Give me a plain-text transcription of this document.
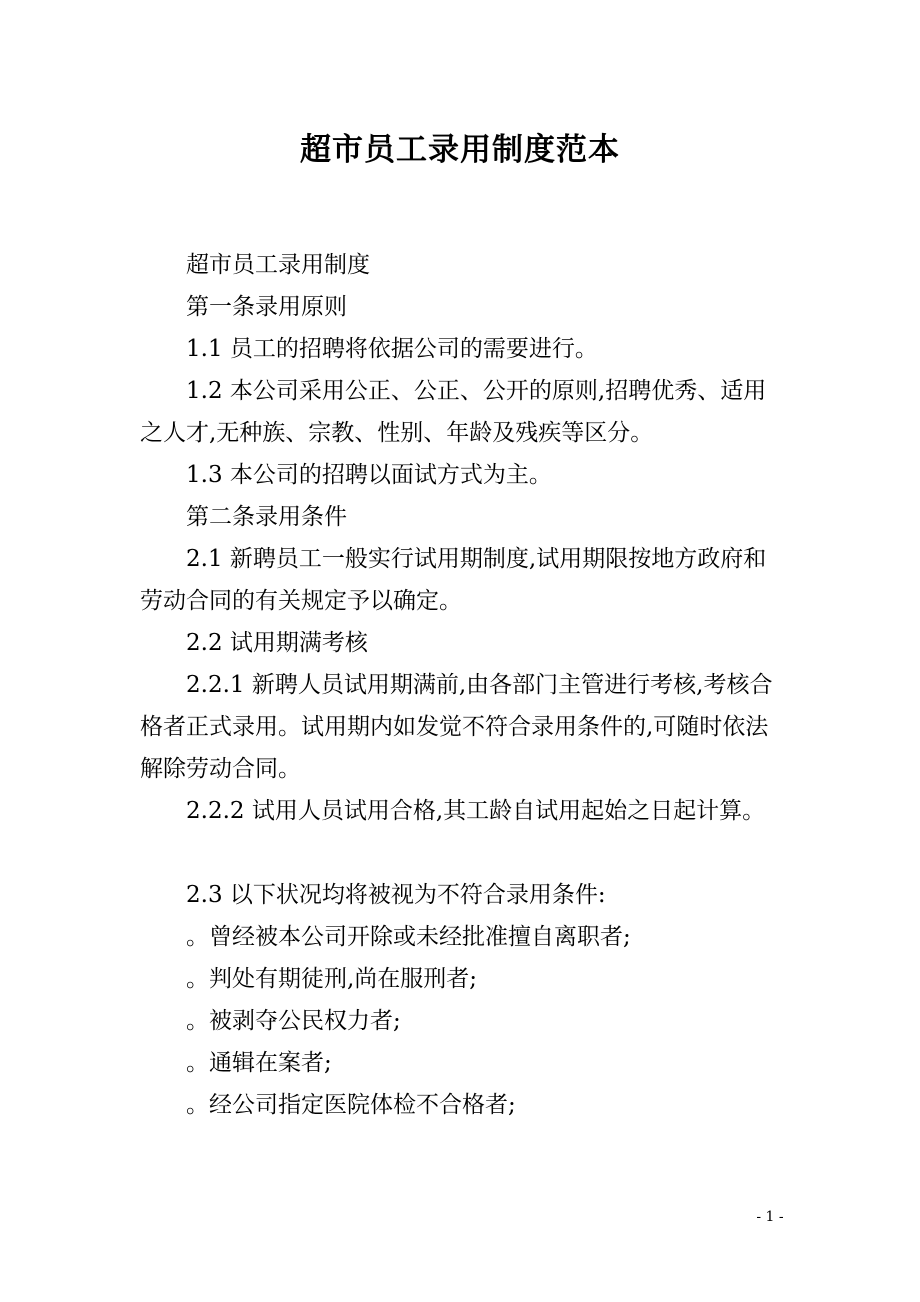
超市员工录用制度范本

超市员工录用制度

第一条录用原则

1.1 员工的招聘将依据公司的需要进行。

1.2 本公司采用公正、公正、公开的原则,招聘优秀、适用之人才,无种族、宗教、性别、年龄及残疾等区分。

1.3 本公司的招聘以面试方式为主。

第二条录用条件

2.1 新聘员工一般实行试用期制度,试用期限按地方政府和劳动合同的有关规定予以确定。

2.2 试用期满考核

2.2.1 新聘人员试用期满前,由各部门主管进行考核,考核合格者正式录用。试用期内如发觉不符合录用条件的,可随时依法解除劳动合同。

2.2.2 试用人员试用合格,其工龄自试用起始之日起计算。

2.3 以下状况均将被视为不符合录用条件:

。曾经被本公司开除或未经批准擅自离职者;

。判处有期徒刑,尚在服刑者;

。被剥夺公民权力者;

。通辑在案者;

。经公司指定医院体检不合格者;

- 1 -
